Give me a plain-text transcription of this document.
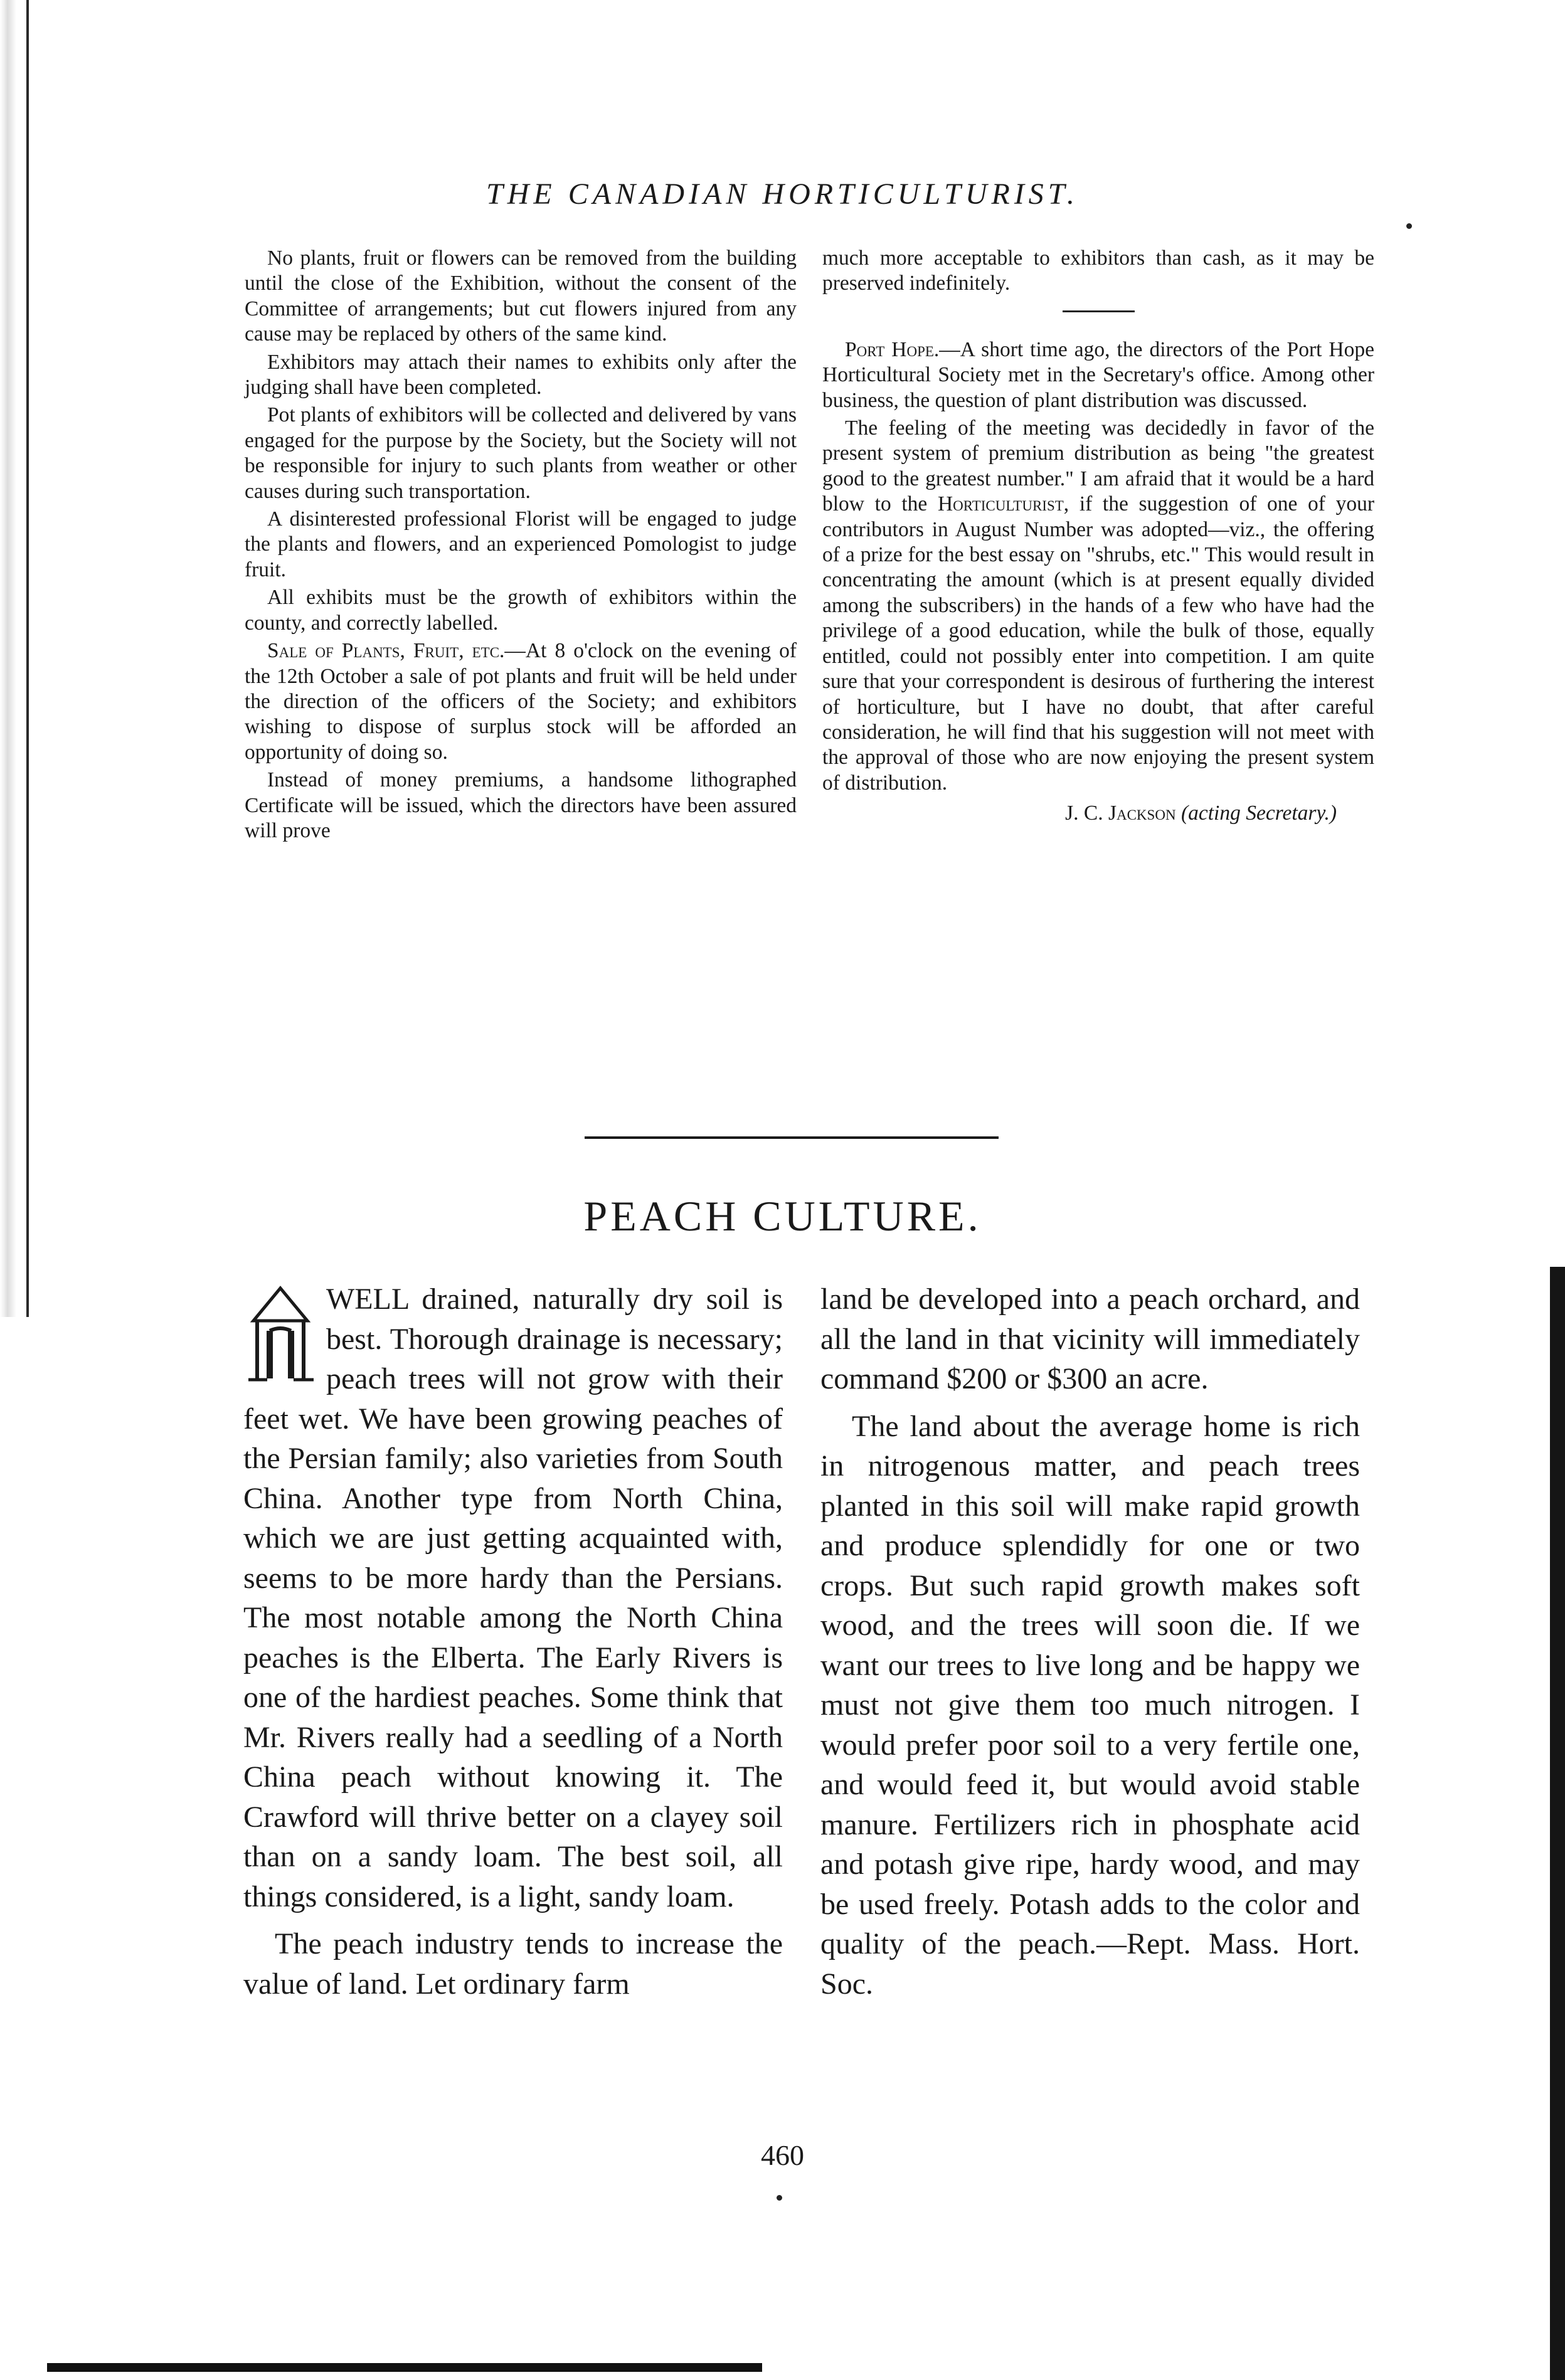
THE CANADIAN HORTICULTURIST.

No plants, fruit or flowers can be removed from the building until the close of the Exhibition, without the consent of the Committee of arrangements; but cut flowers injured from any cause may be replaced by others of the same kind.

Exhibitors may attach their names to exhibits only after the judging shall have been completed.

Pot plants of exhibitors will be collected and delivered by vans engaged for the purpose by the Society, but the Society will not be responsible for injury to such plants from weather or other causes during such transportation.

A disinterested professional Florist will be engaged to judge the plants and flowers, and an experienced Pomologist to judge fruit.

All exhibits must be the growth of exhibitors within the county, and correctly labelled.

Sale of Plants, Fruit, etc.—At 8 o'clock on the evening of the 12th October a sale of pot plants and fruit will be held under the direction of the officers of the Society; and exhibitors wishing to dispose of surplus stock will be afforded an opportunity of doing so.

Instead of money premiums, a handsome lithographed Certificate will be issued, which the directors have been assured will prove

much more acceptable to exhibitors than cash, as it may be preserved indefinitely.

Port Hope.—A short time ago, the directors of the Port Hope Horticultural Society met in the Secretary's office. Among other business, the question of plant distribution was discussed.

The feeling of the meeting was decidedly in favor of the present system of premium distribution as being "the greatest good to the greatest number." I am afraid that it would be a hard blow to the Horticulturist, if the suggestion of one of your contributors in August Number was adopted—viz., the offering of a prize for the best essay on "shrubs, etc." This would result in concentrating the amount (which is at present equally divided among the subscribers) in the hands of a few who have had the privilege of a good education, while the bulk of those, equally entitled, could not possibly enter into competition. I am quite sure that your correspondent is desirous of furthering the interest of horticulture, but I have no doubt, that after careful consideration, he will find that his suggestion will not meet with the approval of those who are now enjoying the present system of distribution.

J. C. Jackson (acting Secretary.)
PEACH CULTURE.

WELL drained, naturally dry soil is best. Thorough drainage is necessary; peach trees will not grow with their feet wet. We have been growing peaches of the Persian family; also varieties from South China. Another type from North China, which we are just getting acquainted with, seems to be more hardy than the Persians. The most notable among the North China peaches is the Elberta. The Early Rivers is one of the hardiest peaches. Some think that Mr. Rivers really had a seedling of a North China peach without knowing it. The Crawford will thrive better on a clayey soil than on a sandy loam. The best soil, all things considered, is a light, sandy loam.

The peach industry tends to increase the value of land. Let ordinary farm

land be developed into a peach orchard, and all the land in that vicinity will immediately command $200 or $300 an acre.

The land about the average home is rich in nitrogenous matter, and peach trees planted in this soil will make rapid growth and produce splendidly for one or two crops. But such rapid growth makes soft wood, and the trees will soon die. If we want our trees to live long and be happy we must not give them too much nitrogen. I would prefer poor soil to a very fertile one, and would feed it, but would avoid stable manure. Fertilizers rich in phosphate acid and potash give ripe, hardy wood, and may be used freely. Potash adds to the color and quality of the peach.—Rept. Mass. Hort. Soc.

460
